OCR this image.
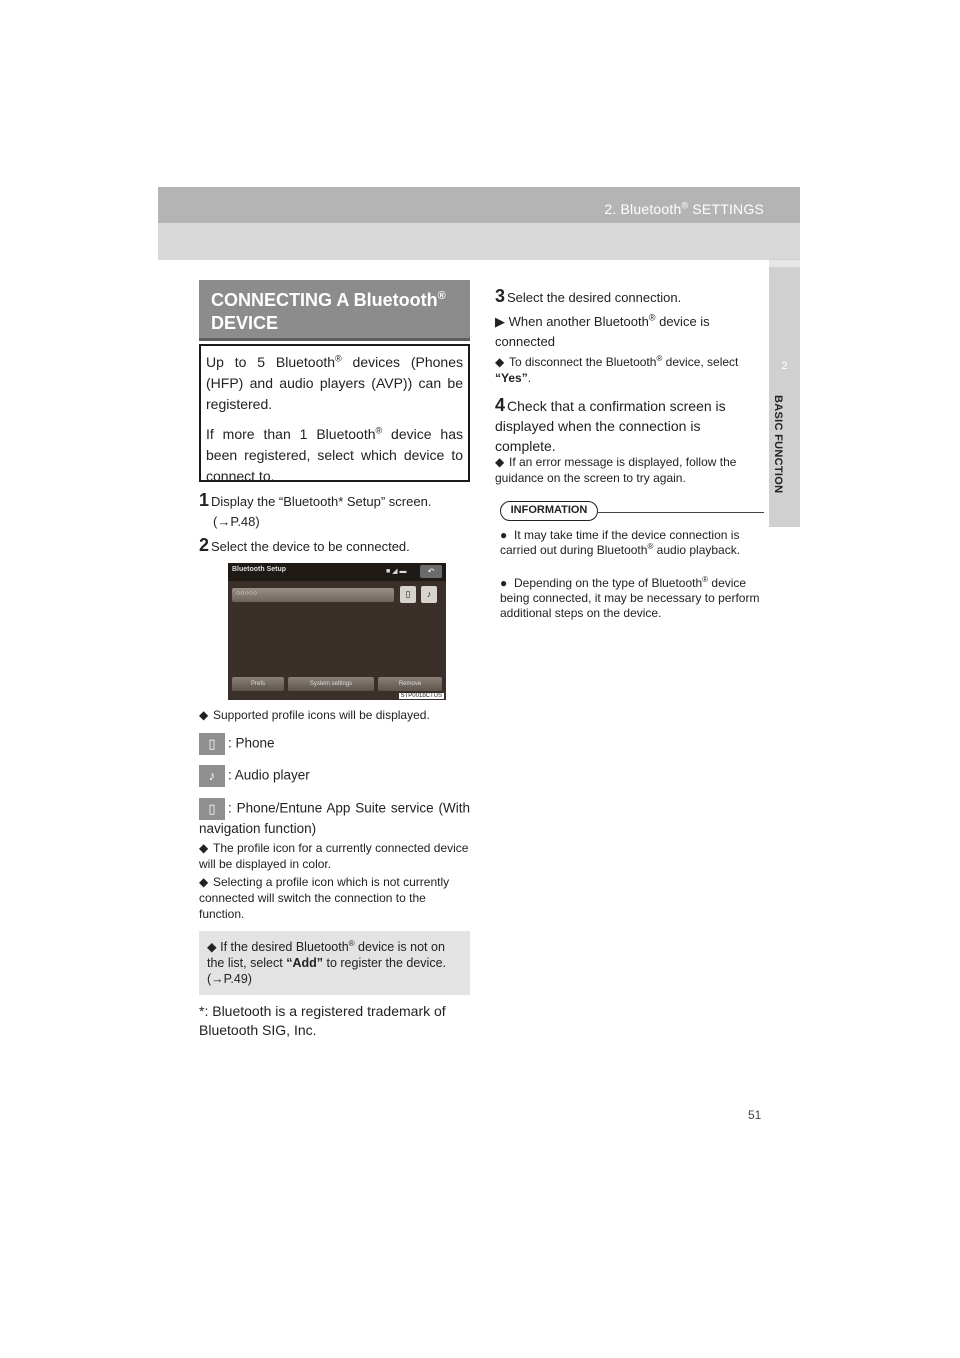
2. Bluetooth® SETTINGS
2
BASIC FUNCTION
CONNECTING A Bluetooth®
DEVICE

Up to 5 Bluetooth® devices (Phones (HFP) and audio players (AVP)) can be registered.

If more than 1 Bluetooth® device has been registered, select which device to connect to.

1 Display the “Bluetooth* Setup” screen.
(→P.48)
2 Select the device to be connected.
Bluetooth Setup	■ ◢ ▬	↶
○○○○○	▯	♪
Prefs	System settings	Remove
STP001bCTUS
◆ Supported profile icons will be displayed.
▯ : Phone
♪ : Audio player
▯ : Phone/Entune App Suite service (With navigation function)
◆ The profile icon for a currently connected device will be displayed in color.
◆ Selecting a profile icon which is not currently connected will switch the connection to the function.
◆ If the desired Bluetooth® device is not on the list, select “Add” to register the device. (→P.49)
*: Bluetooth is a registered trademark of Bluetooth SIG, Inc.
3 Select the desired connection.
▶ When another Bluetooth® device is connected
◆ To disconnect the Bluetooth® device, select “Yes”.
4 Check that a confirmation screen is displayed when the connection is complete.
◆ If an error message is displayed, follow the guidance on the screen to try again.
INFORMATION
● It may take time if the device connection is carried out during Bluetooth® audio playback.
● Depending on the type of Bluetooth® device being connected, it may be necessary to perform additional steps on the device.
51
